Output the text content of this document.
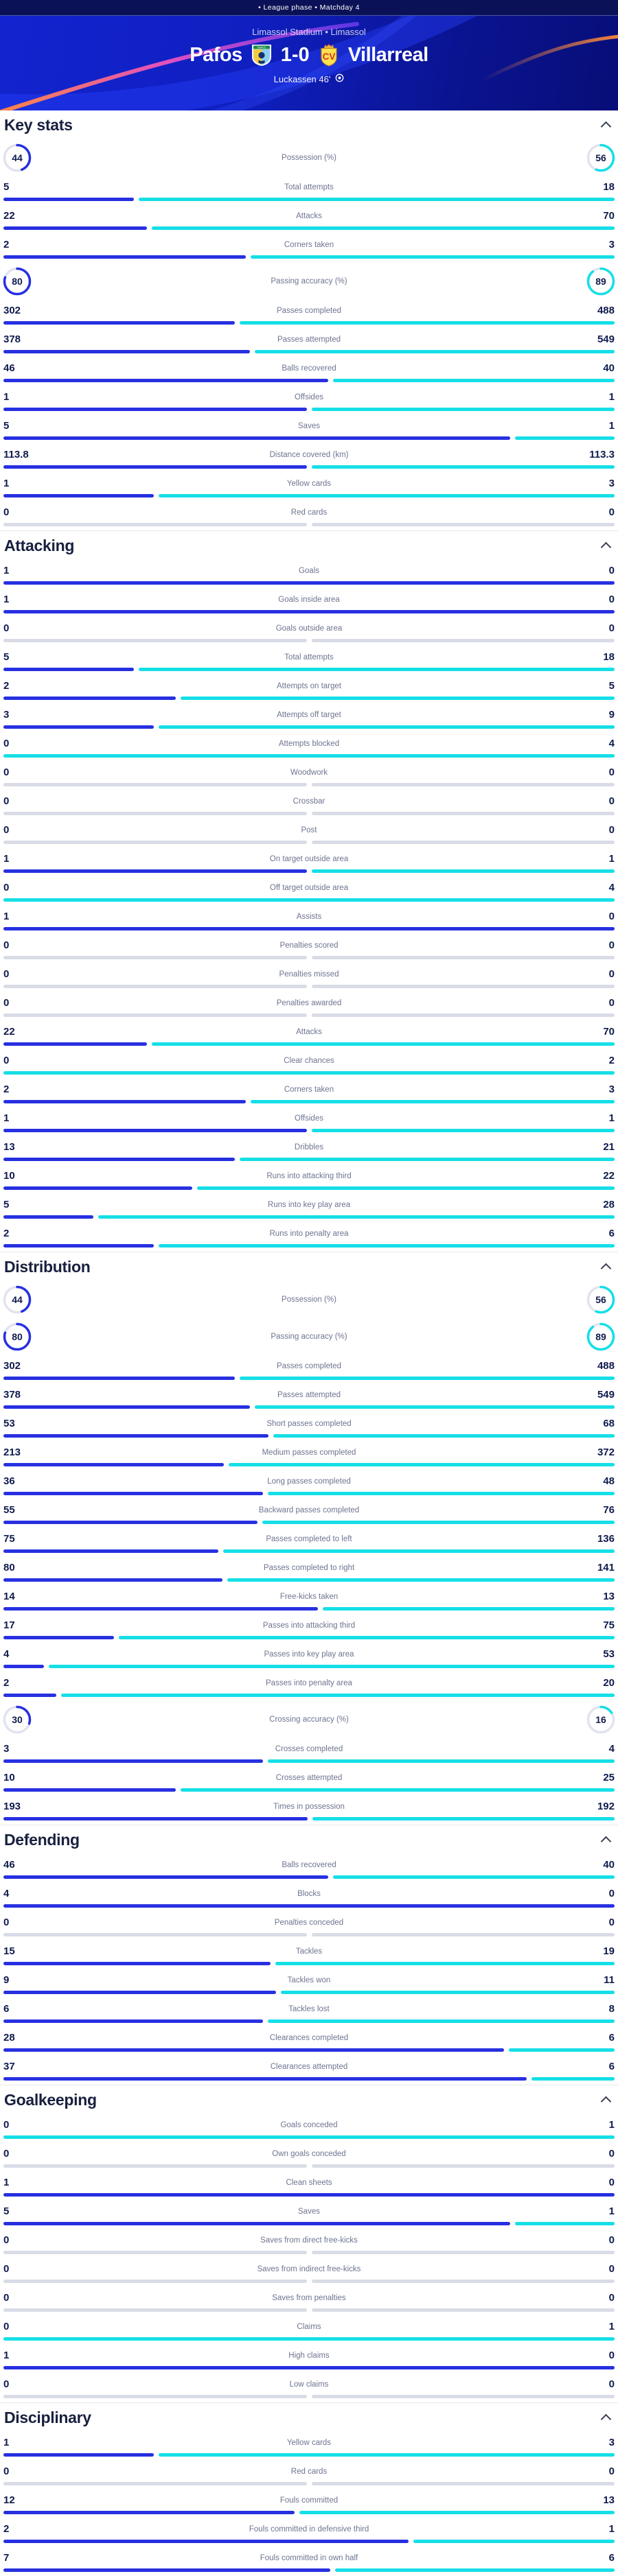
• League phase • Matchday 4
Limassol Stadium • Limassol
Pafos	ΠΑΦΟΣ 1-0 CV Villarreal
Luckassen 46'
Key stats
44	Possession (%)	56
5	Total attempts	18
22	Attacks	70
2	Corners taken	3
80	Passing accuracy (%)	89
302	Passes completed	488
378	Passes attempted	549
46	Balls recovered	40
1	Offsides	1
5	Saves	1
113.8	Distance covered (km)	113.3
1	Yellow cards	3
0	Red cards	0
Attacking
1	Goals	0
1	Goals inside area	0
0	Goals outside area	0
5	Total attempts	18
2	Attempts on target	5
3	Attempts off target	9
0	Attempts blocked	4
0	Woodwork	0
0	Crossbar	0
0	Post	0
1	On target outside area	1
0	Off target outside area	4
1	Assists	0
0	Penalties scored	0
0	Penalties missed	0
0	Penalties awarded	0
22	Attacks	70
0	Clear chances	2
2	Corners taken	3
1	Offsides	1
13	Dribbles	21
10	Runs into attacking third	22
5	Runs into key play area	28
2	Runs into penalty area	6
Distribution
44	Possession (%)	56
80	Passing accuracy (%)	89
302	Passes completed	488
378	Passes attempted	549
53	Short passes completed	68
213	Medium passes completed	372
36	Long passes completed	48
55	Backward passes completed	76
75	Passes completed to left	136
80	Passes completed to right	141
14	Free-kicks taken	13
17	Passes into attacking third	75
4	Passes into key play area	53
2	Passes into penalty area	20
30	Crossing accuracy (%)	16
3	Crosses completed	4
10	Crosses attempted	25
193	Times in possession	192
Defending
46	Balls recovered	40
4	Blocks	0
0	Penalties conceded	0
15	Tackles	19
9	Tackles won	11
6	Tackles lost	8
28	Clearances completed	6
37	Clearances attempted	6
Goalkeeping
0	Goals conceded	1
0	Own goals conceded	0
1	Clean sheets	0
5	Saves	1
0	Saves from direct free-kicks	0
0	Saves from indirect free-kicks	0
0	Saves from penalties	0
0	Claims	1
1	High claims	0
0	Low claims	0
Disciplinary
1	Yellow cards	3
0	Red cards	0
12	Fouls committed	13
2	Fouls committed in defensive third	1
7	Fouls committed in own half	6
